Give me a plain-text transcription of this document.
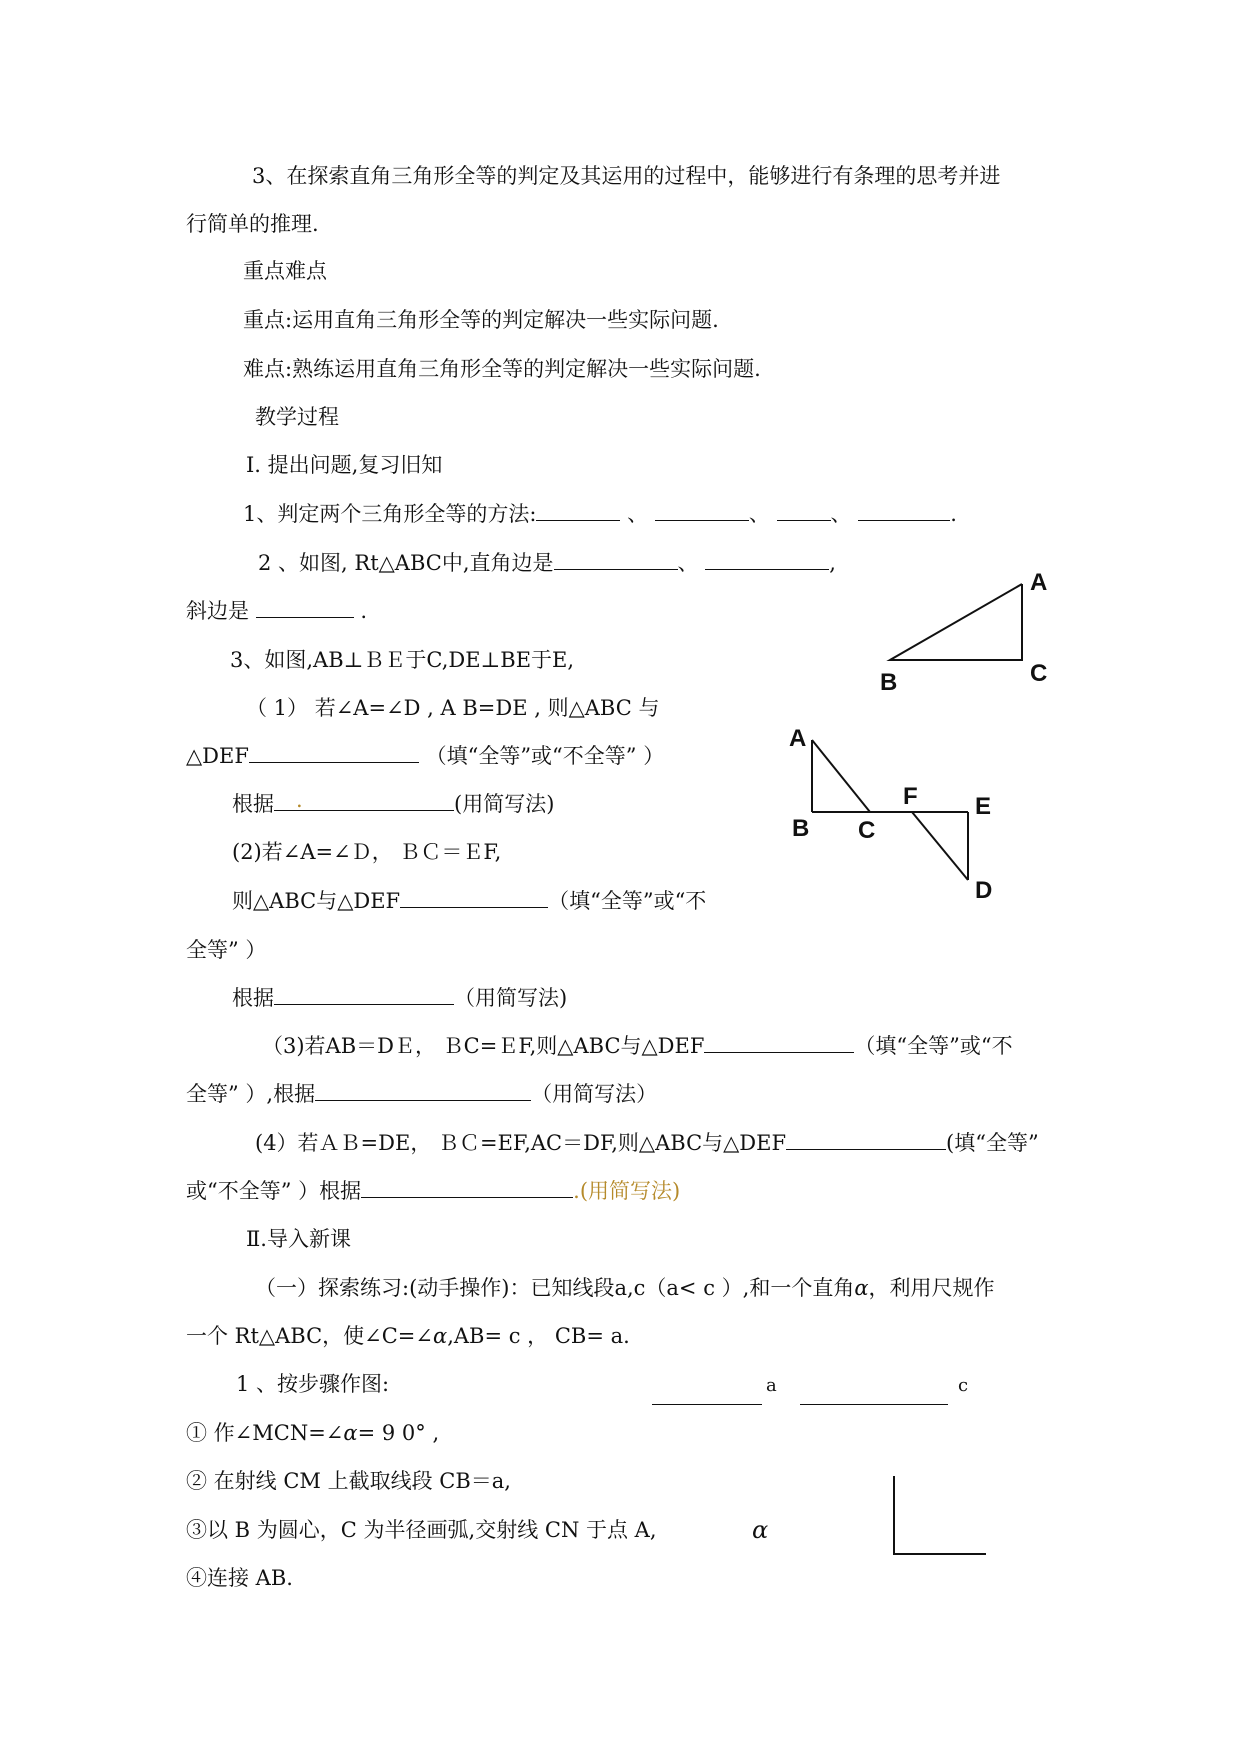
3、在探索直角三角形全等的判定及其运用的过程中，能够进行有条理的思考并进
行简单的推理.
重点难点
重点:运用直角三角形全等的判定解决一些实际问题.
难点:熟练运用直角三角形全等的判定解决一些实际问题.
教学过程
Ⅰ. 提出问题,复习旧知
1、判定两个三角形全等的方法:	、	、	、	.
2 、如图, Rt△ABC中,直角边是	、	,
斜边是	.
A
B	C
A
B C
F E
D
3、如图,AB⊥ＢＥ于C,DE⊥BE于E,
（ 1） 若∠A=∠D , A B=DE , 则△ABC 与
△DEF	（填“全等”或“不全等” ）
根据 .	(用简写法)
(2)若∠A=∠Ｄ， ＢＣ＝ＥF,
则△ABC与△DEF	（填“全等”或“不
全等” ）
根据	（用简写法)
（3)若AB＝DＥ， ＢC=ＥF,则△ABC与△DEF	（填“全等”或“不
全等” ）,根据	（用简写法）
(4）若ＡＢ=DE， ＢＣ=EF,AC＝DF,则△ABC与△DEF	(填“全等”
或“不全等” ）根据	.(用简写法)
Ⅱ.导入新课
（一）探索练习:(动手操作)：已知线段a,c（a< c ）,和一个直角α，利用尺规作
一个 Rt△ABC，使∠C=∠α,AB= c ， CB= a.
1 、按步骤作图:	a	c
① 作∠MCN=∠α= 9 0° ,
② 在射线 CM 上截取线段 CB＝a,
③以 B 为圆心，C 为半径画弧,交射线 CN 于点 A,	α
④连接 AB.
